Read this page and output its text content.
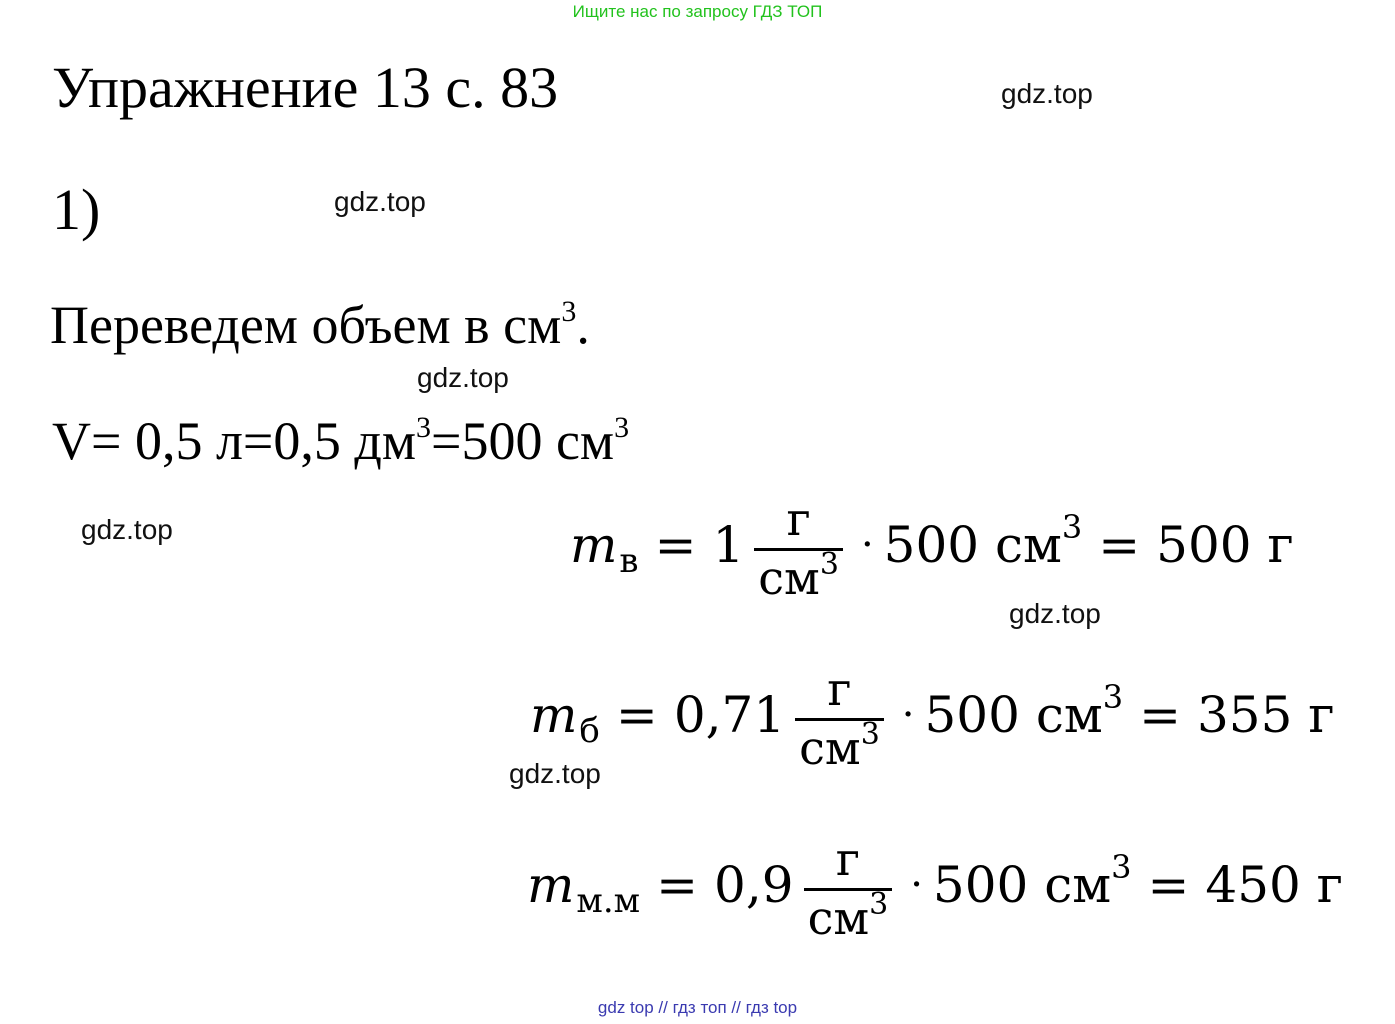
Ищите нас по запросу ГДЗ ТОП
Упражнение 13 с. 83	gdz.top
1)	gdz.top
Переведем объем в $см^3$.
gdz.top
V= 0,5 л=0,5 $дм^3=500$ $см^3$
gdz.top	m $в = 1 \frac{г}{см^3} \cdot 500$ $см^3 = 500$ г
gdz.top
m $б = 0,71 \frac{г}{см^3} \cdot 500$ $см^3 = 355$ г
gdz.top
m $м.м = 0,9 \frac{г}{см^3} \cdot 500$ $см^3 = 450$ г
gdz top // гдз топ // гдз top
